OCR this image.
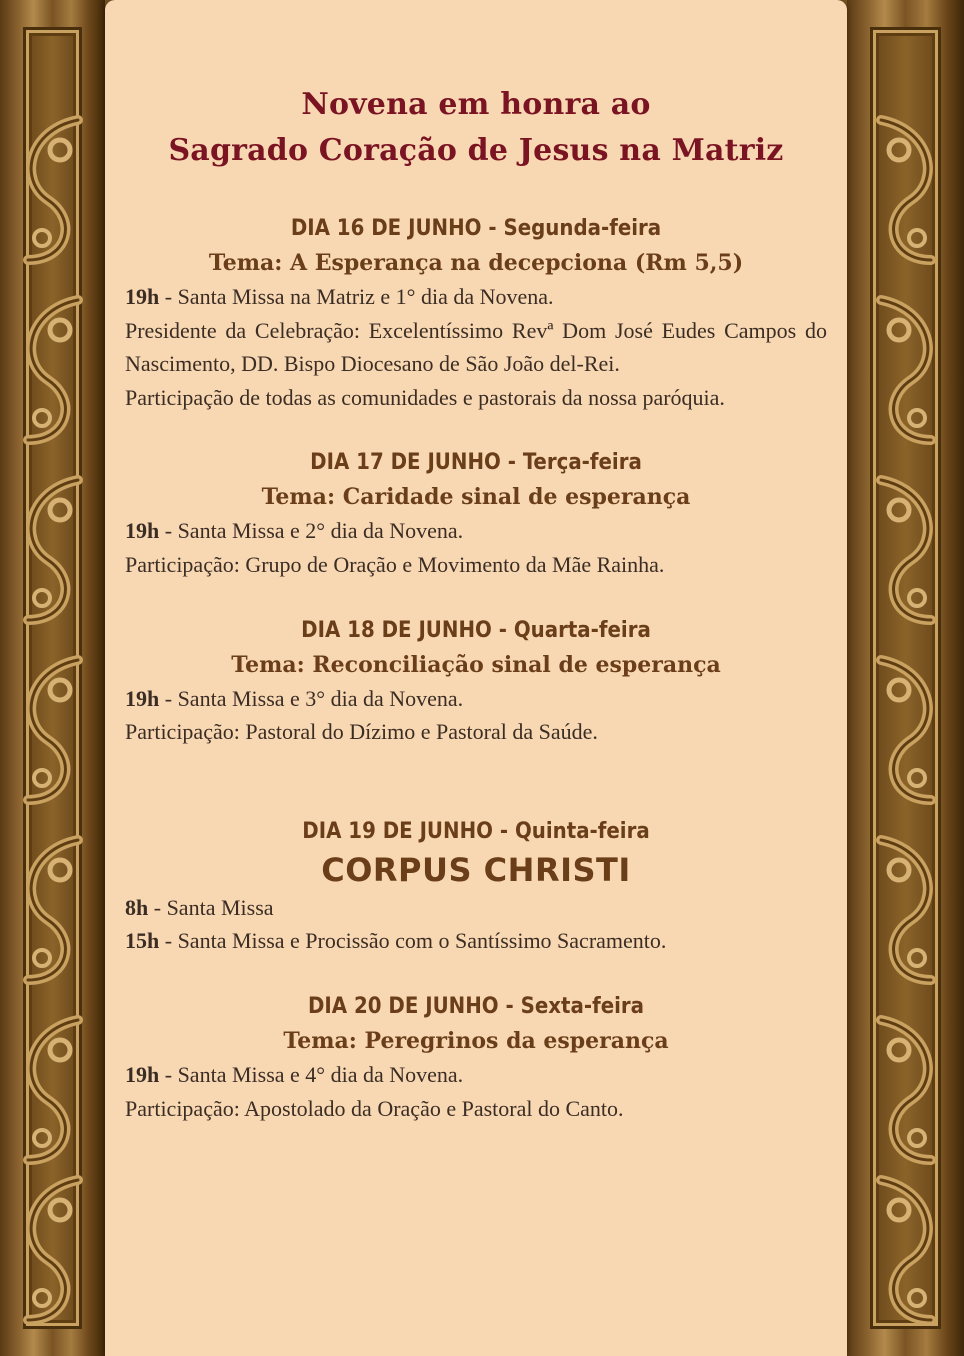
Novena em honra ao
Sagrado Coração de Jesus na Matriz
DIA 16 DE JUNHO - Segunda-feira
Tema: A Esperança na decepciona (Rm 5,5)
19h - Santa Missa na Matriz e 1° dia da Novena.
Presidente da Celebração: Excelentíssimo Revª Dom José Eudes Campos do Nascimento, DD. Bispo Diocesano de São João del-Rei.
Participação de todas as comunidades e pastorais da nossa paróquia.
DIA 17 DE JUNHO - Terça-feira
Tema: Caridade sinal de esperança
19h - Santa Missa e 2° dia da Novena.
Participação: Grupo de Oração e Movimento da Mãe Rainha.
DIA 18 DE JUNHO - Quarta-feira
Tema: Reconciliação sinal de esperança
19h - Santa Missa e 3° dia da Novena.
Participação: Pastoral do Dízimo e Pastoral da Saúde.
DIA 19 DE JUNHO - Quinta-feira
CORPUS CHRISTI
8h - Santa Missa
15h - Santa Missa e Procissão com o Santíssimo Sacramento.
DIA 20 DE JUNHO - Sexta-feira
Tema: Peregrinos da esperança
19h - Santa Missa e 4° dia da Novena.
Participação: Apostolado da Oração e Pastoral do Canto.
